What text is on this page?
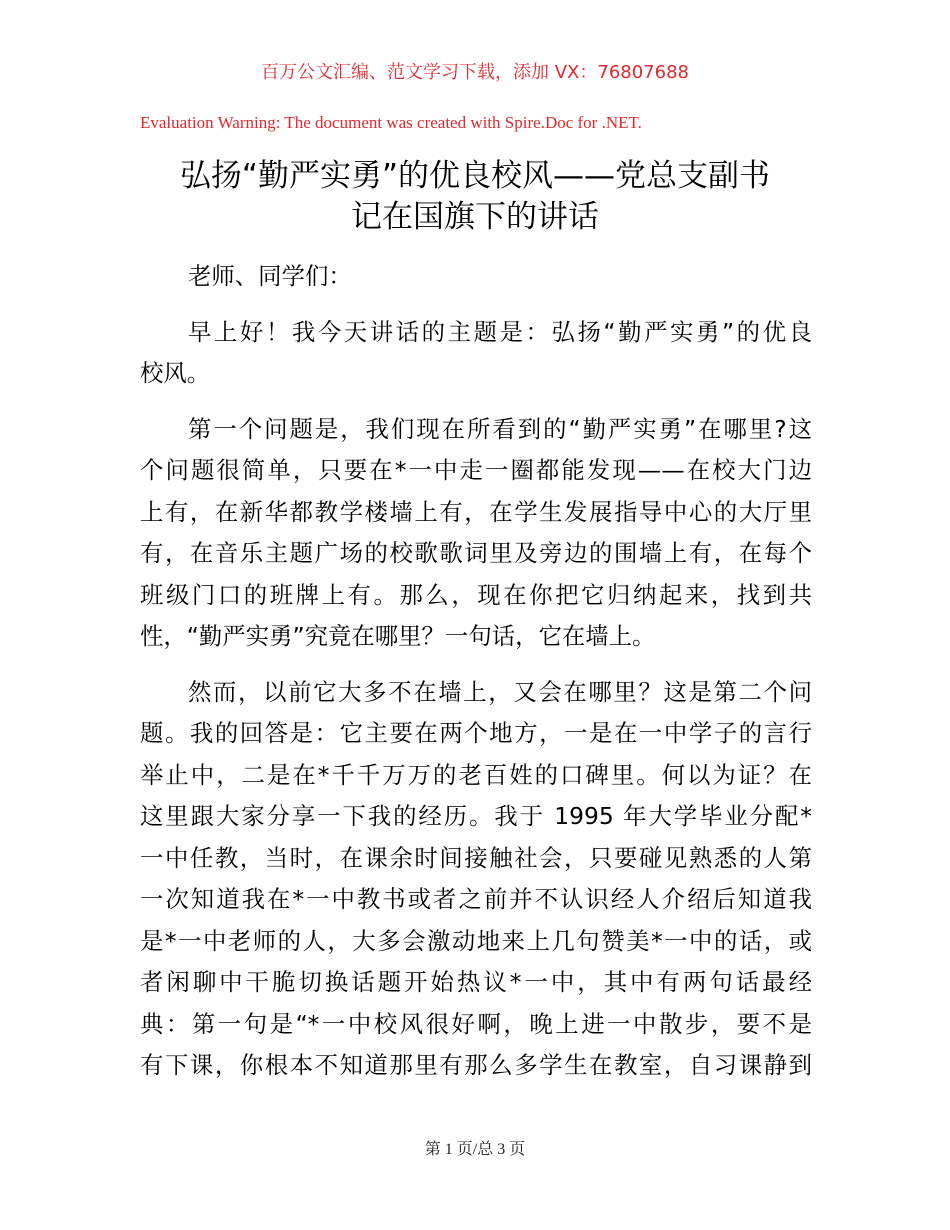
百万公文汇编、范文学习下载，添加 VX：76807688
Evaluation Warning: The document was created with Spire.Doc for .NET.
弘扬“勤严实勇”的优良校风——党总支副书
记在国旗下的讲话
老师、同学们：
早上好！我今天讲话的主题是：弘扬“勤严实勇”的优良
校风。
第一个问题是，我们现在所看到的“勤严实勇”在哪里?这
个问题很简单，只要在*一中走一圈都能发现——在校大门边
上有，在新华都教学楼墙上有，在学生发展指导中心的大厅里
有，在音乐主题广场的校歌歌词里及旁边的围墙上有，在每个
班级门口的班牌上有。那么，现在你把它归纳起来，找到共
性，“勤严实勇”究竟在哪里？一句话，它在墙上。
然而，以前它大多不在墙上，又会在哪里？这是第二个问
题。我的回答是：它主要在两个地方，一是在一中学子的言行
举止中，二是在*千千万万的老百姓的口碑里。何以为证？在
这里跟大家分享一下我的经历。我于 1995 年大学毕业分配*
一中任教，当时，在课余时间接触社会，只要碰见熟悉的人第
一次知道我在*一中教书或者之前并不认识经人介绍后知道我
是*一中老师的人，大多会激动地来上几句赞美*一中的话，或
者闲聊中干脆切换话题开始热议*一中，其中有两句话最经
典：第一句是“*一中校风很好啊，晚上进一中散步，要不是
有下课，你根本不知道那里有那么多学生在教室，自习课静到
第 1 页/总 3 页
